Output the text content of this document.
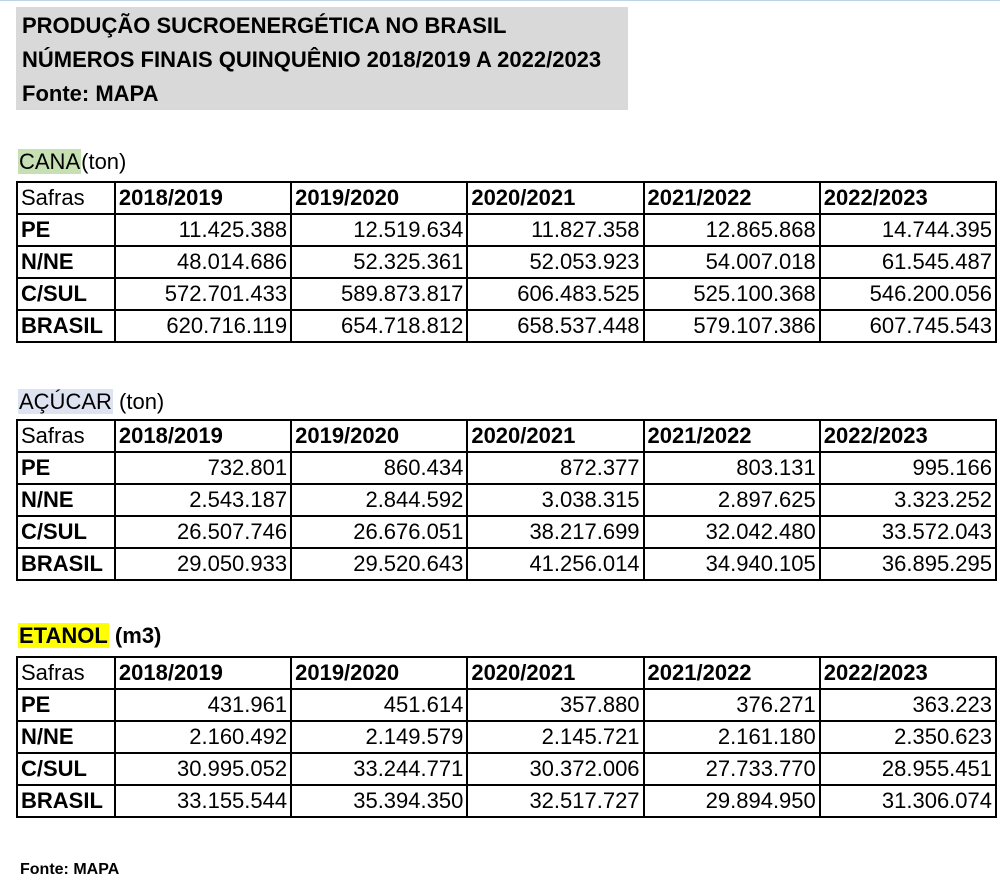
PRODUÇÃO SUCROENERGÉTICA NO BRASIL
NÚMEROS FINAIS QUINQUÊNIO 2018/2019 A 2022/2023
Fonte: MAPA
CANA(ton)
Safras	2018/2019	2019/2020	2020/2021	2021/2022	2022/2023
PE	11.425.388	12.519.634	11.827.358	12.865.868	14.744.395
N/NE	48.014.686	52.325.361	52.053.923	54.007.018	61.545.487
C/SUL	572.701.433	589.873.817	606.483.525	525.100.368	546.200.056
BRASIL	620.716.119	654.718.812	658.537.448	579.107.386	607.745.543
AÇÚCAR (ton)
Safras	2018/2019	2019/2020	2020/2021	2021/2022	2022/2023
PE	732.801	860.434	872.377	803.131	995.166
N/NE	2.543.187	2.844.592	3.038.315	2.897.625	3.323.252
C/SUL	26.507.746	26.676.051	38.217.699	32.042.480	33.572.043
BRASIL	29.050.933	29.520.643	41.256.014	34.940.105	36.895.295
ETANOL (m3)
Safras	2018/2019	2019/2020	2020/2021	2021/2022	2022/2023
PE	431.961	451.614	357.880	376.271	363.223
N/NE	2.160.492	2.149.579	2.145.721	2.161.180	2.350.623
C/SUL	30.995.052	33.244.771	30.372.006	27.733.770	28.955.451
BRASIL	33.155.544	35.394.350	32.517.727	29.894.950	31.306.074
Fonte: MAPA
